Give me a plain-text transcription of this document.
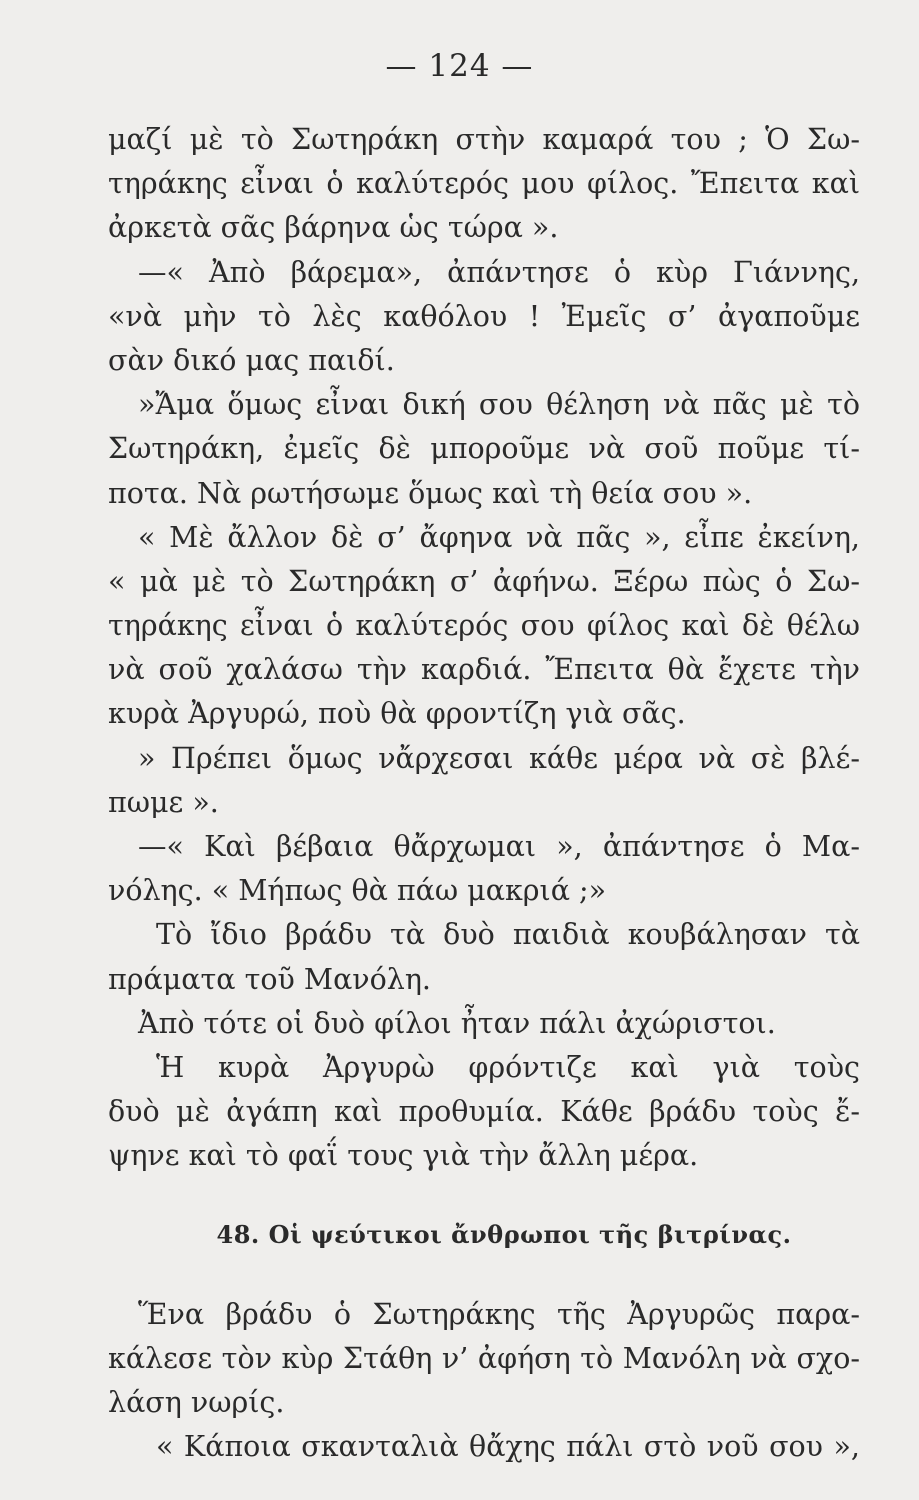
— 124 —
μαζί μὲ τὸ Σωτηράκη στὴν καμαρά του ; Ὁ Σω-
τηράκης εἶναι ὁ καλύτερός μου φίλος. Ἔπειτα καὶ
ἀρκετὰ σᾶς βάρηνα ὡς τώρα ».
—« Ἀπὸ βάρεμα», ἀπάντησε ὁ κὺρ Γιάννης,
«νὰ μὴν τὸ λὲς καθόλου ! Ἐμεῖς σ’ ἀγαποῦμε
σὰν δικό μας παιδί.
»Ἄμα ὅμως εἶναι δική σου θέληση νὰ πᾶς μὲ τὸ
Σωτηράκη, ἐμεῖς δὲ μποροῦμε νὰ σοῦ ποῦμε τί-
ποτα. Νὰ ρωτήσωμε ὅμως καὶ τὴ θεία σου ».
« Μὲ ἄλλον δὲ σ’ ἄφηνα νὰ πᾶς », εἶπε ἐκείνη,
« μὰ μὲ τὸ Σωτηράκη σ’ ἀφήνω. Ξέρω πὼς ὁ Σω-
τηράκης εἶναι ὁ καλύτερός σου φίλος καὶ δὲ θέλω
νὰ σοῦ χαλάσω τὴν καρδιά. Ἔπειτα θὰ ἔχετε τὴν
κυρὰ Ἀργυρώ, ποὺ θὰ φροντίζη γιὰ σᾶς.
» Πρέπει ὅμως νἄρχεσαι κάθε μέρα νὰ σὲ βλέ-
πωμε ».
—« Καὶ βέβαια θἄρχωμαι », ἀπάντησε ὁ Μα-
νόλης. « Μήπως θὰ πάω μακριά ;»
Τὸ ἴδιο βράδυ τὰ δυὸ παιδιὰ κουβάλησαν τὰ
πράματα τοῦ Μανόλη.
Ἀπὸ τότε οἱ δυὸ φίλοι ἦταν πάλι ἀχώριστοι.
Ἡ κυρὰ Ἀργυρὼ φρόντιζε καὶ γιὰ τοὺς
δυὸ μὲ ἀγάπη καὶ προθυμία. Κάθε βράδυ τοὺς ἔ-
ψηνε καὶ τὸ φαΐ τους γιὰ τὴν ἄλλη μέρα.
48. Οἱ ψεύτικοι ἄνθρωποι τῆς βιτρίνας.
Ἕνα βράδυ ὁ Σωτηράκης τῆς Ἀργυρῶς παρα-
κάλεσε τὸν κὺρ Στάθη ν’ ἀφήση τὸ Μανόλη νὰ σχο-
λάση νωρίς.
« Κάποια σκανταλιὰ θἄχης πάλι στὸ νοῦ σου »,
